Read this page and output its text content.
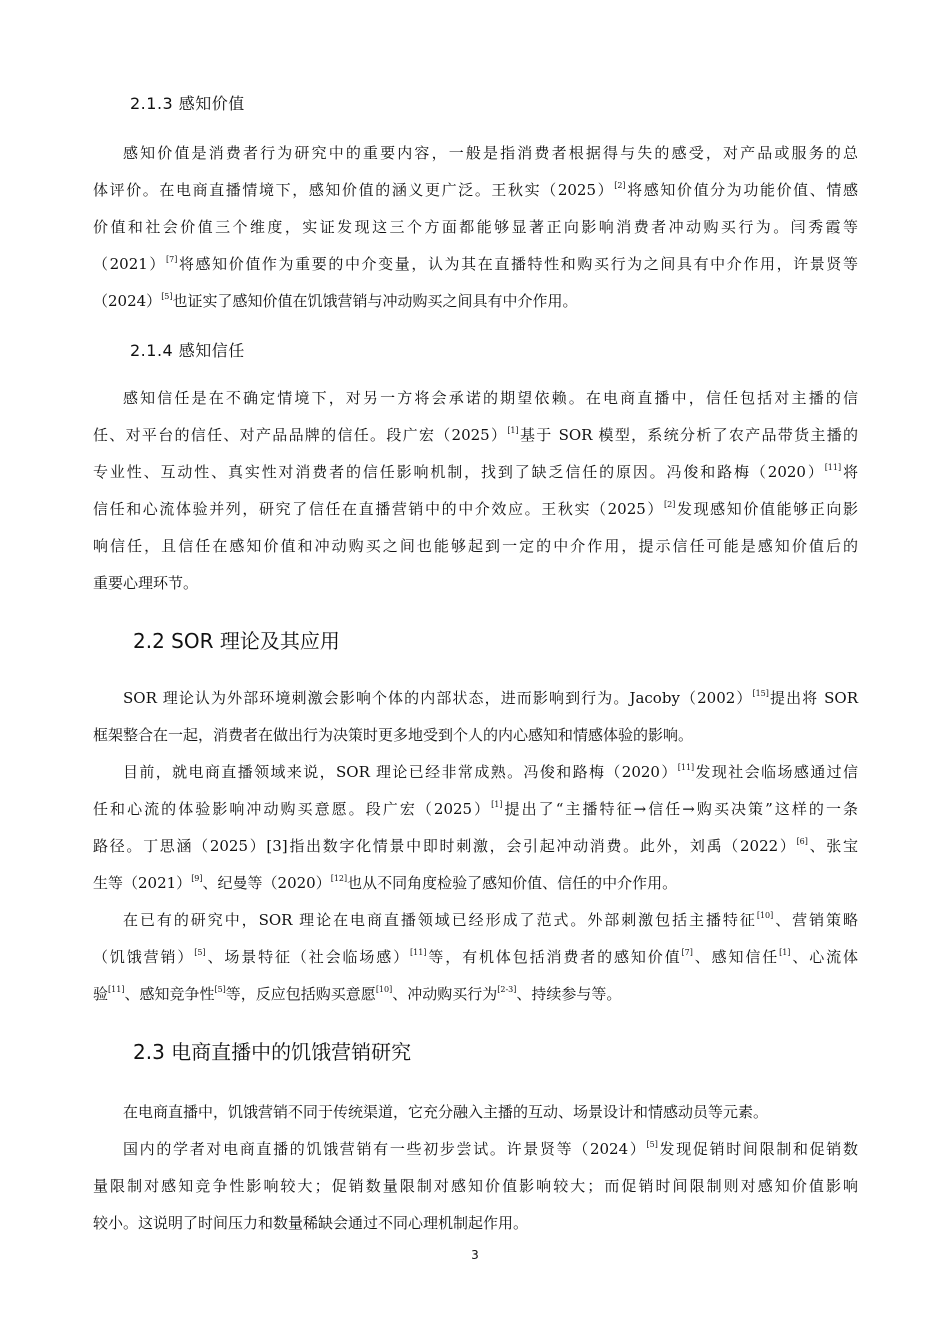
2.1.3 感知价值
感知价值是消费者行为研究中的重要内容，一般是指消费者根据得与失的感受，对产品或服务的总
体评价。在电商直播情境下，感知价值的涵义更广泛。王秋实（2025）[2]将感知价值分为功能价值、情感
价值和社会价值三个维度，实证发现这三个方面都能够显著正向影响消费者冲动购买行为。闫秀霞等
（2021）[7]将感知价值作为重要的中介变量，认为其在直播特性和购买行为之间具有中介作用，许景贤等
（2024）[5]也证实了感知价值在饥饿营销与冲动购买之间具有中介作用。
2.1.4 感知信任
感知信任是在不确定情境下，对另一方将会承诺的期望依赖。在电商直播中，信任包括对主播的信
任、对平台的信任、对产品品牌的信任。段广宏（2025）[1]基于 SOR 模型，系统分析了农产品带货主播的
专业性、互动性、真实性对消费者的信任影响机制，找到了缺乏信任的原因。冯俊和路梅（2020）[11]将
信任和心流体验并列，研究了信任在直播营销中的中介效应。王秋实（2025）[2]发现感知价值能够正向影
响信任，且信任在感知价值和冲动购买之间也能够起到一定的中介作用，提示信任可能是感知价值后的
重要心理环节。
2.2 SOR 理论及其应用
SOR 理论认为外部环境刺激会影响个体的内部状态，进而影响到行为。Jacoby（2002）[15]提出将 SOR
框架整合在一起，消费者在做出行为决策时更多地受到个人的内心感知和情感体验的影响。
目前，就电商直播领域来说，SOR 理论已经非常成熟。冯俊和路梅（2020）[11]发现社会临场感通过信
任和心流的体验影响冲动购买意愿。段广宏（2025）[1]提出了“主播特征→信任→购买决策”这样的一条
路径。丁思涵（2025）[3]指出数字化情景中即时刺激，会引起冲动消费。此外，刘禹（2022）[6]、张宝
生等（2021）[9]、纪曼等（2020）[12]也从不同角度检验了感知价值、信任的中介作用。
在已有的研究中，SOR 理论在电商直播领域已经形成了范式。外部刺激包括主播特征[10]、营销策略
（饥饿营销）[5]、场景特征（社会临场感）[11]等，有机体包括消费者的感知价值[7]、感知信任[1]、心流体
验[11]、感知竞争性[5]等，反应包括购买意愿[10]、冲动购买行为[2-3]、持续参与等。
2.3 电商直播中的饥饿营销研究
在电商直播中，饥饿营销不同于传统渠道，它充分融入主播的互动、场景设计和情感动员等元素。
国内的学者对电商直播的饥饿营销有一些初步尝试。许景贤等（2024）[5]发现促销时间限制和促销数
量限制对感知竞争性影响较大；促销数量限制对感知价值影响较大；而促销时间限制则对感知价值影响
较小。这说明了时间压力和数量稀缺会通过不同心理机制起作用。
3
